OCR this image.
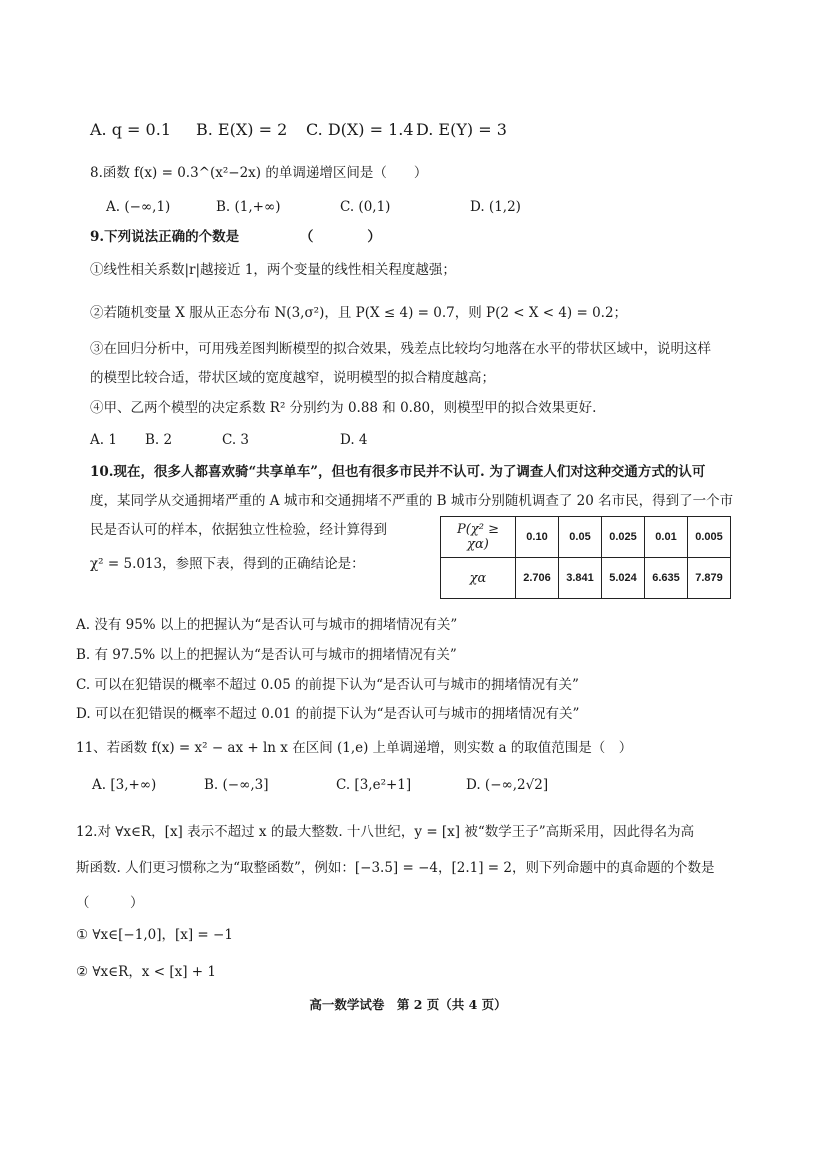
A. q = 0.1 B. E(X) = 2 C. D(X) = 1.4 D. E(Y) = 3
8.函数 f(x) = 0.3^(x²−2x) 的单调递增区间是（　　）
A. (−∞,1)	B. (1,+∞)	C. (0,1)	D. (1,2)
9.下列说法正确的个数是　　　　　（　　　　）
①线性相关系数|r|越接近 1，两个变量的线性相关程度越强；
②若随机变量 X 服从正态分布 N(3,σ²)，且 P(X ≤ 4) = 0.7，则 P(2 < X < 4) = 0.2；
③在回归分析中，可用残差图判断模型的拟合效果，残差点比较均匀地落在水平的带状区域中，说明这样
的模型比较合适，带状区域的宽度越窄，说明模型的拟合精度越高；
④甲、乙两个模型的决定系数 R² 分别约为 0.88 和 0.80，则模型甲的拟合效果更好.
A. 1 B. 2	C. 3	D. 4
10.现在，很多人都喜欢骑“共享单车”，但也有很多市民并不认可. 为了调查人们对这种交通方式的认可
度，某同学从交通拥堵严重的 A 城市和交通拥堵不严重的 B 城市分别随机调查了 20 名市民，得到了一个市
民是否认可的样本，依据独立性检验，经计算得到
χ² = 5.013，参照下表，得到的正确结论是：
P(χ² ≥ χα)	0.10	0.05	0.025	0.01	0.005
χα	2.706	3.841	5.024	6.635	7.879
A. 没有 95% 以上的把握认为“是否认可与城市的拥堵情况有关”
B. 有 97.5% 以上的把握认为“是否认可与城市的拥堵情况有关”
C. 可以在犯错误的概率不超过 0.05 的前提下认为“是否认可与城市的拥堵情况有关”
D. 可以在犯错误的概率不超过 0.01 的前提下认为“是否认可与城市的拥堵情况有关”
11、若函数 f(x) = x² − ax + ln x 在区间 (1,e) 上单调递增，则实数 a 的取值范围是（　）
A. [3,+∞)	B. (−∞,3]	C. [3,e²+1]	D. (−∞,2√2]
12.对 ∀x∈R，[x] 表示不超过 x 的最大整数. 十八世纪，y = [x] 被“数学王子”高斯采用，因此得名为高
斯函数. 人们更习惯称之为“取整函数”，例如：[−3.5] = −4，[2.1] = 2，则下列命题中的真命题的个数是
（　　　）
① ∀x∈[−1,0]，[x] = −1
② ∀x∈R，x < [x] + 1
高一数学试卷　第 2 页（共 4 页）
